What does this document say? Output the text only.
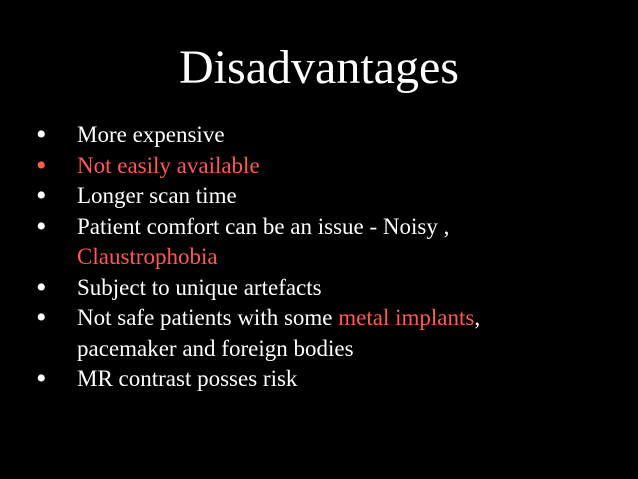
Disadvantages
• More expensive
• Not easily available
• Longer scan time
• Patient comfort can be an issue - Noisy ,
Claustrophobia
• Subject to unique artefacts
• Not safe patients with some metal implants,
pacemaker and foreign bodies
• MR contrast posses risk
